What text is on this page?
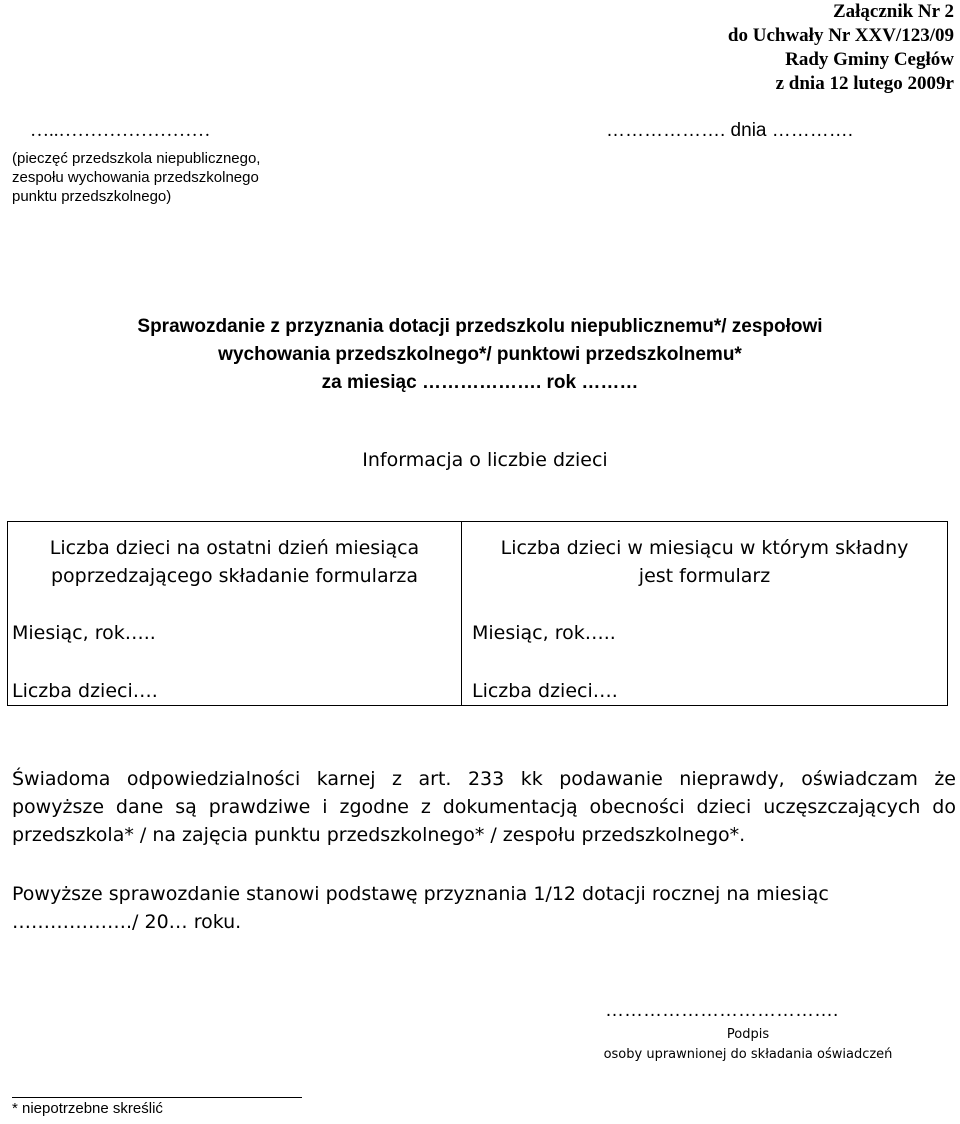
Załącznik Nr 2
do Uchwały Nr XXV/123/09
Rady Gminy Cegłów
z dnia 12 lutego 2009r
…..……………………
(pieczęć przedszkola niepublicznego,
zespołu wychowania przedszkolnego
punktu przedszkolnego)
………………. dnia ………….
Sprawozdanie z przyznania dotacji przedszkolu niepublicznemu*/ zespołowi
wychowania przedszkolnego*/ punktowi przedszkolnemu*
za miesiąc ………………. rok ………
Informacja o liczbie dzieci
Liczba dzieci na ostatni dzień miesiąca
poprzedzającego składanie formularza
Liczba dzieci w miesiącu w którym składny
jest formularz
Miesiąc, rok…..
Liczba dzieci….
Miesiąc, rok…..
Liczba dzieci….
Świadoma odpowiedzialności karnej z art. 233 kk podawanie nieprawdy, oświadczam że
powyższe dane są prawdziwe i zgodne z dokumentacją obecności dzieci uczęszczających do
przedszkola* / na zajęcia punktu przedszkolnego* / zespołu przedszkolnego*.
Powyższe sprawozdanie stanowi podstawę przyznania 1/12 dotacji rocznej na miesiąc
………………./ 20… roku.
……………………………….
Podpis
osoby uprawnionej do składania oświadczeń
* niepotrzebne skreślić
